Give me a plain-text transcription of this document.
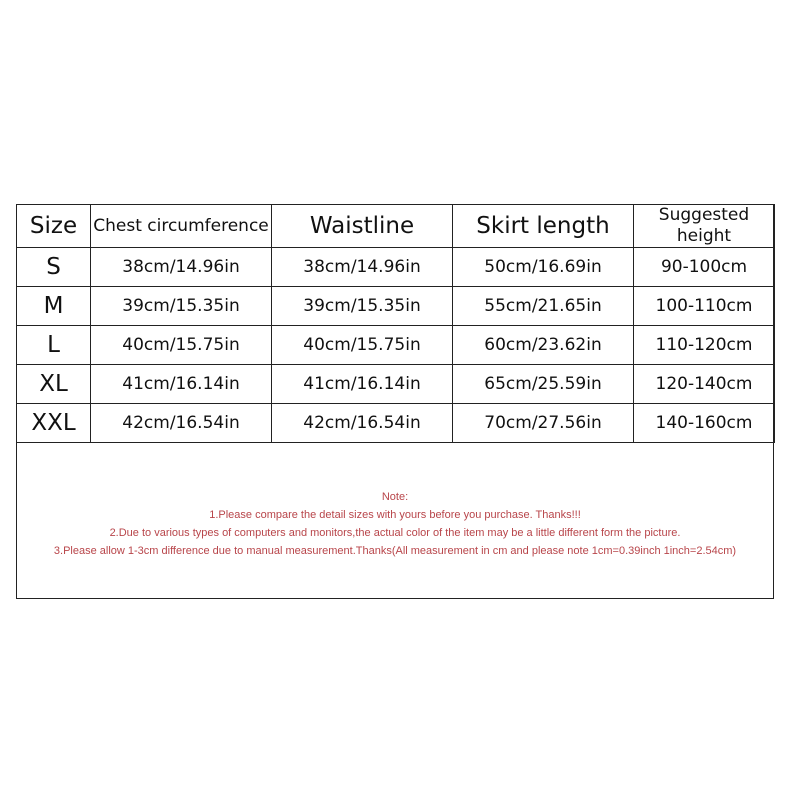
Size	Chest circumference	Waistline	Skirt length	Suggested height

S	38cm/14.96in	38cm/14.96in	50cm/16.69in	90-100cm
M	39cm/15.35in	39cm/15.35in	55cm/21.65in	100-110cm
L	40cm/15.75in	40cm/15.75in	60cm/23.62in	110-120cm
XL	41cm/16.14in	41cm/16.14in	65cm/25.59in	120-140cm
XXL	42cm/16.54in	42cm/16.54in	70cm/27.56in	140-160cm
Note:
1.Please compare the detail sizes with yours before you purchase. Thanks!!!
2.Due to various types of computers and monitors,the actual color of the item may be a little different form the picture.
3.Please allow 1-3cm difference due to manual measurement.Thanks(All measurement in cm and please note 1cm=0.39inch 1inch=2.54cm)
